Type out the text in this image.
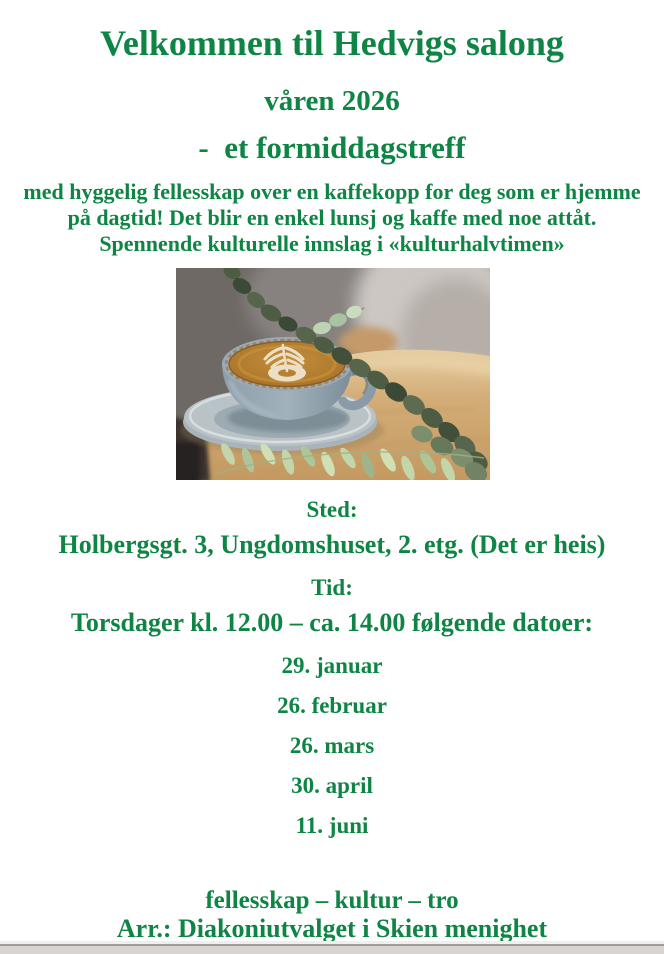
Velkommen til Hedvigs salong
våren 2026
-  et formiddagstreff
med hyggelig fellesskap over en kaffekopp for deg som er hjemme
på dagtid! Det blir en enkel lunsj og kaffe med noe attåt.
Spennende kulturelle innslag i «kulturhalvtimen»
Sted:
Holbergsgt. 3, Ungdomshuset, 2. etg. (Det er heis)
Tid:
Torsdager kl. 12.00 – ca. 14.00 følgende datoer:
29. januar
26. februar
26. mars
30. april
11. juni
fellesskap – kultur – tro
Arr.: Diakoniutvalget i Skien menighet
